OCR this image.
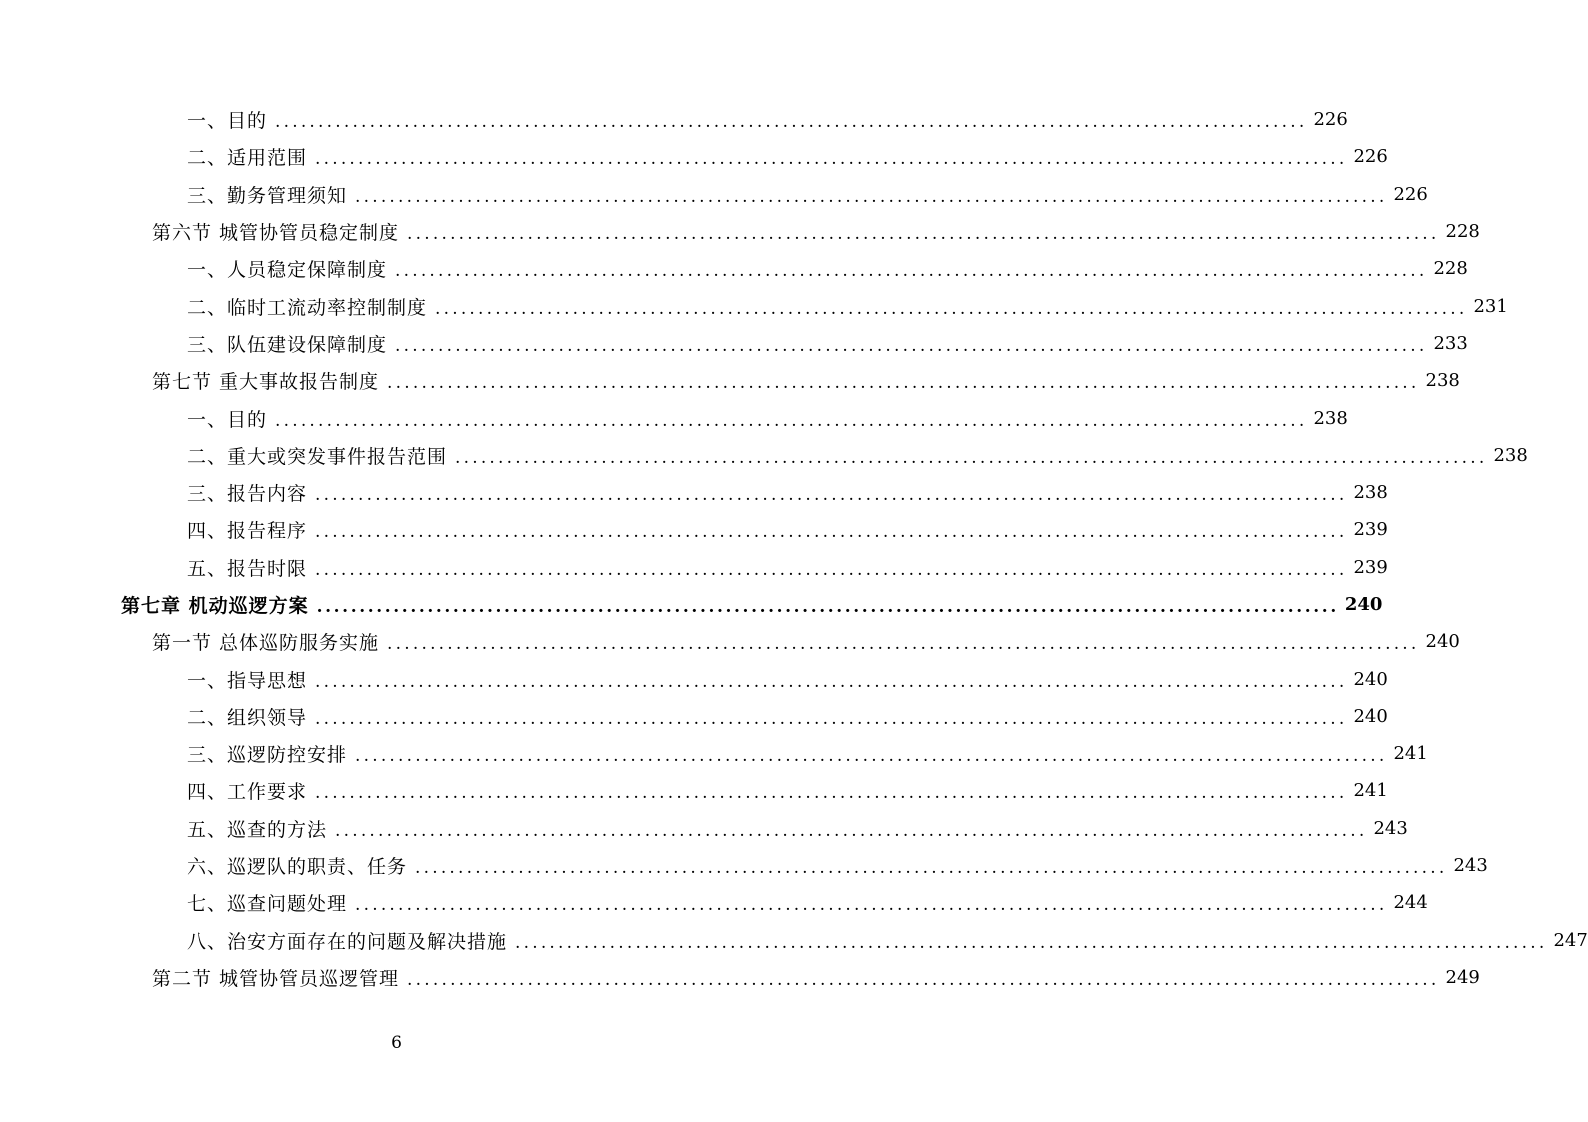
一、目的 ........................................................................................................................ 226
二、适用范围 ........................................................................................................................ 226
三、勤务管理须知 ........................................................................................................................ 226
第六节 城管协管员稳定制度 ........................................................................................................................ 228
一、人员稳定保障制度 ........................................................................................................................ 228
二、临时工流动率控制制度 ........................................................................................................................ 231
三、队伍建设保障制度 ........................................................................................................................ 233
第七节 重大事故报告制度 ........................................................................................................................ 238
一、目的 ........................................................................................................................ 238
二、重大或突发事件报告范围 ........................................................................................................................ 238
三、报告内容 ........................................................................................................................ 238
四、报告程序 ........................................................................................................................ 239
五、报告时限 ........................................................................................................................ 239
第七章 机动巡逻方案 ........................................................................................................................ 240
第一节 总体巡防服务实施 ........................................................................................................................ 240
一、指导思想 ........................................................................................................................ 240
二、组织领导 ........................................................................................................................ 240
三、巡逻防控安排 ........................................................................................................................ 241
四、工作要求 ........................................................................................................................ 241
五、巡查的方法 ........................................................................................................................ 243
六、巡逻队的职责、任务 ........................................................................................................................ 243
七、巡查问题处理 ........................................................................................................................ 244
八、治安方面存在的问题及解决措施 ........................................................................................................................ 247
第二节 城管协管员巡逻管理 ........................................................................................................................ 249
6
